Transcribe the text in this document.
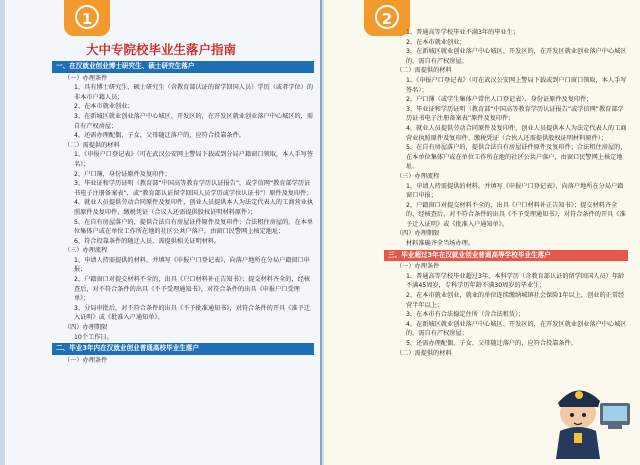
1
大中专院校毕业生落户指南
一、在汉就业创业博士研究生、硕士研究生落户
（一）办理条件
1、具有博士研究生、硕士研究生（含教育部认证的留学回国人员）学历（或者学位）的非本市户籍人员；
2、在本市就业创业；
3、在新城区就业创业落户中心城区、开发区的，在开发区就业创业落户中心城区的，需自有产权房屋；
4、还需办理配偶、子女、父母随迁落户的，应符合投靠条件。
（二）需提供的材料
1、《申报户口登记表》（可在武汉公安网上警局下载或到分局户籍窗口领取，本人手写签名）；
2、户口簿，身份证原件及复印件；
3、毕业证和学历证明（教育部“中国高等教育学历认证报告”，或学信网“教育部学历证书电子注册备案表”，或“教育部认证留学回国人员学历或学位认证书”）原件及复印件；
4、就业人员提供劳动合同原件及复印件，创业人员提供本人为法定代表人的工商营业执照原件及复印件、缴税凭证（合议人还需提供股权证明材料原件）；
5、在自有房屋落户的，提供合法自有房屋证件原件及复印件；合法租住房屋的，在本单位集体户或在单位工作所在地的社区公共户落户，由窗口民警网上核定地址；
6、符合投靠条件的随迁人员，需提供相关证明材料。
（三）办理流程
1、申请人持需提供的材料，并填写《申报户口登记表》，向落户地所在分局户籍窗口申报；
2、户籍窗口对提交材料不全的，出具《户口材料补正告知书》；提交材料齐全的，经核查后，对不符合条件的出具《不予受理通知书》，对符合条件的出具《申报户口受理单》；
3、分局审批后，对不符合条件的出具《不予批准通知书》，对符合条件的开具《准予迁入证明》或《批准入户通知单》。
（四）办理期限
10个工作日。
二、毕业3年内在汉就业创业普通高校毕业生落户
（一）办理条件
2
1、普通高等学校毕业不满3年的毕业生；
2、在本市就业创业；
3、在新城区就业创业落户中心城区、开发区的，在开发区就业创业落户中心城区的，需自有产权房屋。
（二）需提供的材料
1、《申报户口登记表》（可在武汉公安网上警局下载或到户口窗口领取，本人手写签名）；
2、户口簿（或学生集体户常住人口登记表）、身份证原件及复印件；
3、毕业证和学历证明（教育部“中国高等教育学历认证报告”或学信网“教育部学历证书电子注册备案表”原件及复印件；
4、就业人员提供劳动合同原件及复印件，创业人员提供本人为法定代表人的工商营业执照原件及复印件、缴税凭证（合伙人还需提供股权证明材料原件）；
5、在自有房屋落户的，提供合法自有房屋证件原件及复印件；合法租住房屋的，在本单位集体户或在单位工作所在地的社区公共户落户，由窗口民警网上核定地址。
（三）办理流程
1、申请人持需提供的材料，并填写《申报户口登记表》，向落户地所在分局户籍窗口申报；
2、户籍窗口对提交材料不全的，出具《户口材料补正告知书》；提交材料齐全的，经核查后，对不符合条件的出具《不予受理通知书》，对符合条件的开具《准予迁入证明》或《批准入户通知单》。
（四）办理期限
材料准确齐全当场办理。
三、毕业超过3年在汉就业创业普通高等学校毕业生落户
（一）办理条件
1、普通高等学校毕业超过3年，本科学历（含教育部认证的留学回国人员）年龄不满45周岁，专科学历年龄不满30周岁的毕业生；
2、在本市就业创业，就业的单位连续缴纳城镇社会保险1年以上，创业的正常经营半年以上；
3、在本市有合法稳定住所（含合法租赁）；
4、在新城区就业创业落户中心城区、开发区的，在开发区就业创业落户中心城区的，需自有产权房屋；
5、还需办理配偶、子女、父母随迁落户的，应符合投靠条件。
（二）需提供的材料
